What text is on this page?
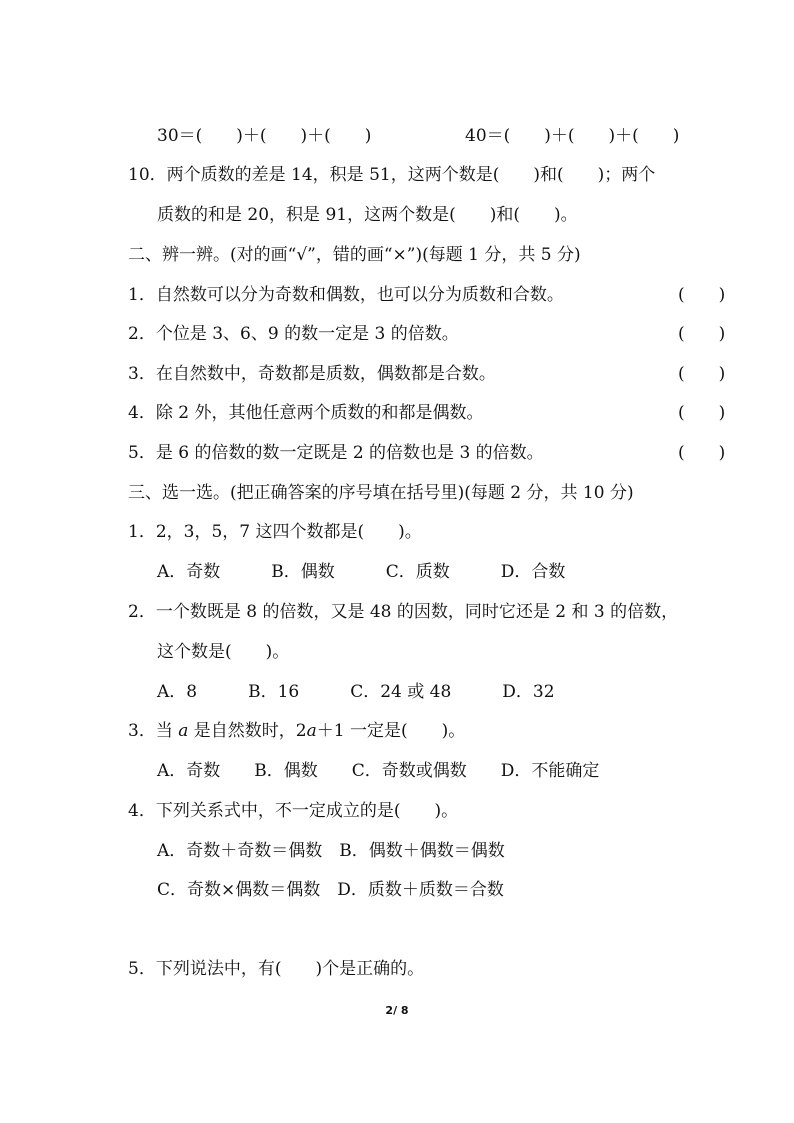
30＝(　　)＋(　　)＋(　　)	40＝(　　)＋(　　)＋(　　)
10．两个质数的差是 14，积是 51，这两个数是(　　)和(　　)；两个
质数的和是 20，积是 91，这两个数是(　　)和(　　)。
二、辨一辨。(对的画“√”，错的画“×”)(每题 1 分，共 5 分)
1．自然数可以分为奇数和偶数，也可以分为质数和合数。	(　　)
2．个位是 3、6、9 的数一定是 3 的倍数。	(　　)
3．在自然数中，奇数都是质数，偶数都是合数。	(　　)
4．除 2 外，其他任意两个质数的和都是偶数。	(　　)
5．是 6 的倍数的数一定既是 2 的倍数也是 3 的倍数。	(　　)
三、选一选。(把正确答案的序号填在括号里)(每题 2 分，共 10 分)
1．2，3，5，7 这四个数都是(　　)。
A．奇数　　　B．偶数　　　C．质数　　　D．合数
2．一个数既是 8 的倍数，又是 48 的因数，同时它还是 2 和 3 的倍数，
这个数是(　　)。
A．8　　　B．16　　　C．24 或 48　　　D．32
3．当 a 是自然数时，2a＋1 一定是(　　)。
A．奇数　　B．偶数　　C．奇数或偶数　　D．不能确定
4．下列关系式中，不一定成立的是(　　)。
A．奇数＋奇数＝偶数　B．偶数＋偶数＝偶数
C．奇数×偶数＝偶数　D．质数＋质数＝合数
5．下列说法中，有(　　)个是正确的。
2/ 8
